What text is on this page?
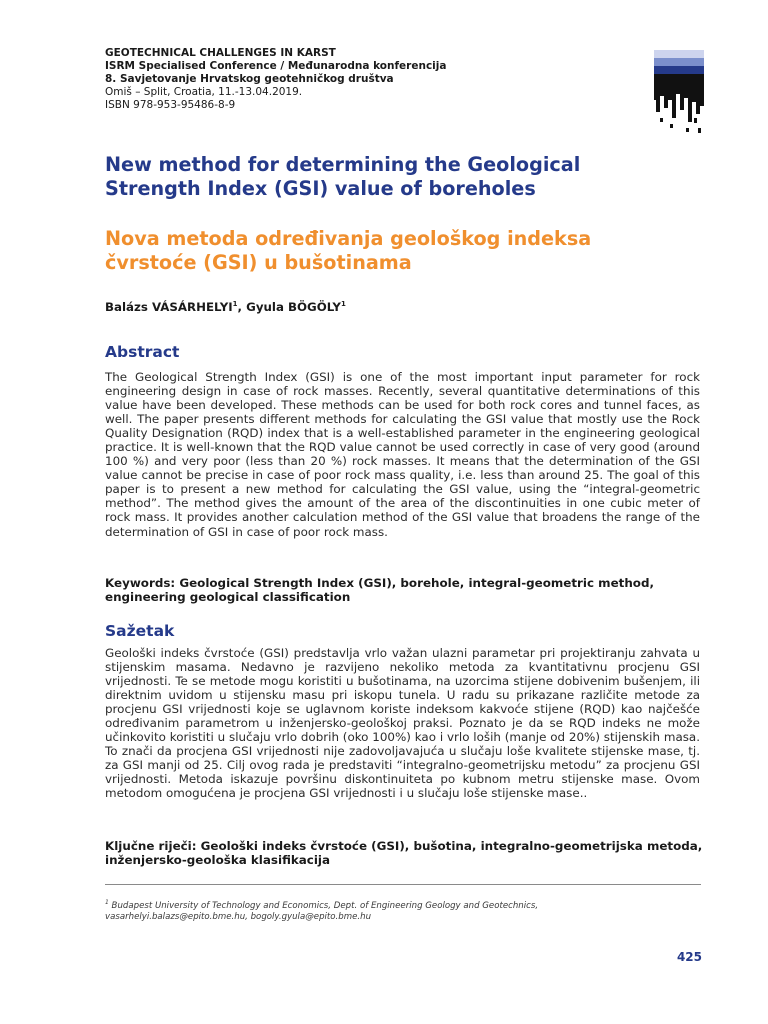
GEOTECHNICAL CHALLENGES IN KARST
ISRM Specialised Conference / Međunarodna konferencija
8. Savjetovanje Hrvatskog geotehničkog društva
Omiš – Split, Croatia, 11.-13.04.2019.
ISBN 978-953-95486-8-9
New method for determining the Geological Strength Index (GSI) value of boreholes
Nova metoda određivanja geološkog indeksa čvrstoće (GSI) u bušotinama
Balázs VÁSÁRHELYI$^1$, Gyula BÖGÖLY$^1$
Abstract
The Geological Strength Index (GSI) is one of the most important input parameter for rock engineering design in case of rock masses. Recently, several quantitative determinations of this value have been developed. These methods can be used for both rock cores and tunnel faces, as well. The paper presents different methods for calculating the GSI value that mostly use the Rock Quality Designation (RQD) index that is a well-established parameter in the engineering geological practice. It is well-known that the RQD value cannot be used correctly in case of very good (around 100 %) and very poor (less than 20 %) rock masses. It means that the determination of the GSI value cannot be precise in case of poor rock mass quality, i.e. less than around 25. The goal of this paper is to present a new method for calculating the GSI value, using the “integral-geometric method”. The method gives the amount of the area of the discontinuities in one cubic meter of rock mass. It provides another calculation method of the GSI value that broadens the range of the determination of GSI in case of poor rock mass.
Keywords: Geological Strength Index (GSI), borehole, integral-geometric method, engineering geological classification
Sažetak
Geološki indeks čvrstoće (GSI) predstavlja vrlo važan ulazni parametar pri projektiranju zahvata u stijenskim masama. Nedavno je razvijeno nekoliko metoda za kvantitativnu procjenu GSI vrijednosti. Te se metode mogu koristiti u bušotinama, na uzorcima stijene dobivenim bušenjem, ili direktnim uvidom u stijensku masu pri iskopu tunela. U radu su prikazane različite metode za procjenu GSI vrijednosti koje se uglavnom koriste indeksom kakvoće stijene (RQD) kao najčešće određivanim parametrom u inženjersko-geološkoj praksi. Poznato je da se RQD indeks ne može učinkovito koristiti u slučaju vrlo dobrih (oko 100%) kao i vrlo loših (manje od 20%) stijenskih masa. To znači da procjena GSI vrijednosti nije zadovoljavajuća u slučaju loše kvalitete stijenske mase, tj. za GSI manji od 25. Cilj ovog rada je predstaviti “integralno-geometrijsku metodu” za procjenu GSI vrijednosti. Metoda iskazuje površinu diskontinuiteta po kubnom metru stijenske mase. Ovom metodom omogućena je procjena GSI vrijednosti i u slučaju loše stijenske mase..
Ključne riječi: Geološki indeks čvrstoće (GSI), bušotina, integralno-geometrijska metoda, inženjersko-geološka klasifikacija
$^1$ Budapest University of Technology and Economics, Dept. of Engineering Geology and Geotechnics,
vasarhelyi.balazs@epito.bme.hu, bogoly.gyula@epito.bme.hu
425
